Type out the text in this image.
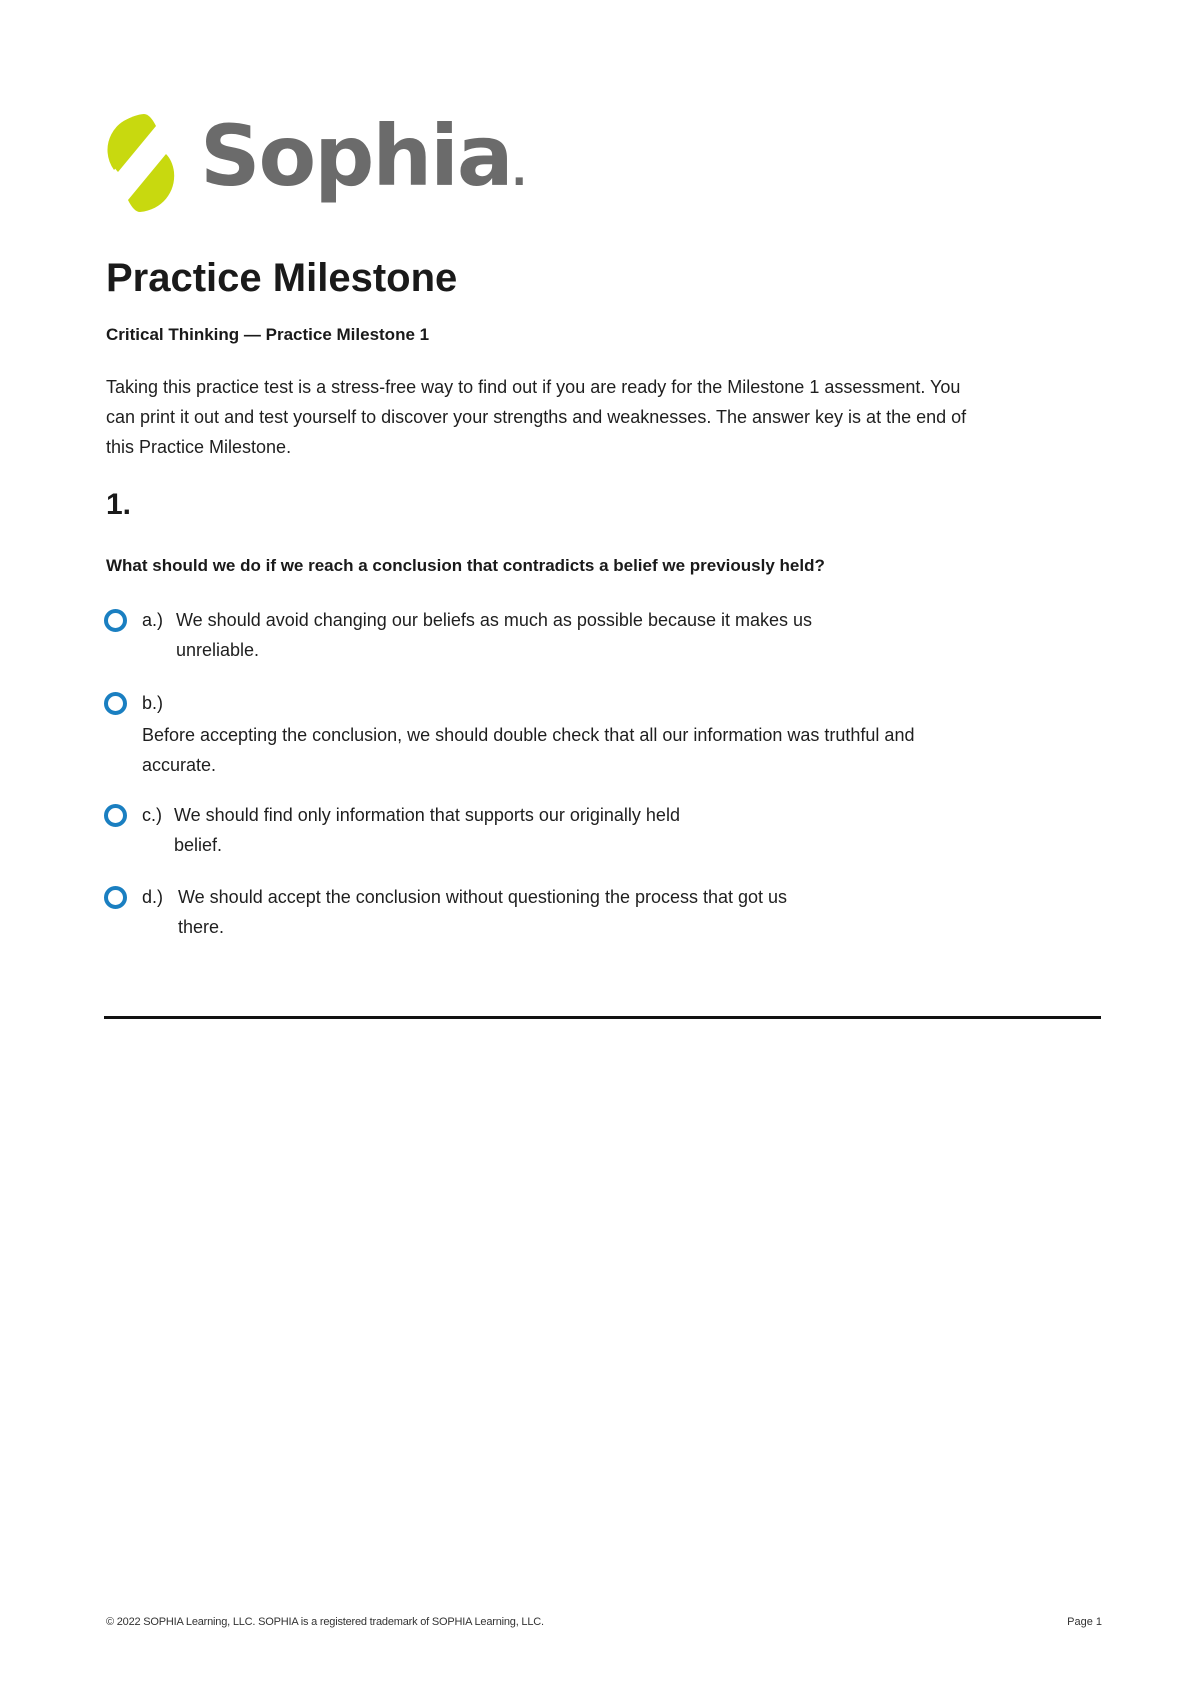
Sophia.
Practice Milestone

Critical Thinking — Practice Milestone 1

Taking this practice test is a stress-free way to find out if you are ready for the Milestone 1 assessment. You
can print it out and test yourself to discover your strengths and weaknesses. The answer key is at the end of
this Practice Milestone.

1.

What should we do if we reach a conclusion that contradicts a belief we previously held?

a.) We should avoid changing our beliefs as much as possible because it makes us
unreliable.
b.)
Before accepting the conclusion, we should double check that all our information was truthful and
accurate.
c.) We should find only information that supports our originally held
belief.
d.) We should accept the conclusion without questioning the process that got us
there.
© 2022 SOPHIA Learning, LLC. SOPHIA is a registered trademark of SOPHIA Learning, LLC.	Page 1
